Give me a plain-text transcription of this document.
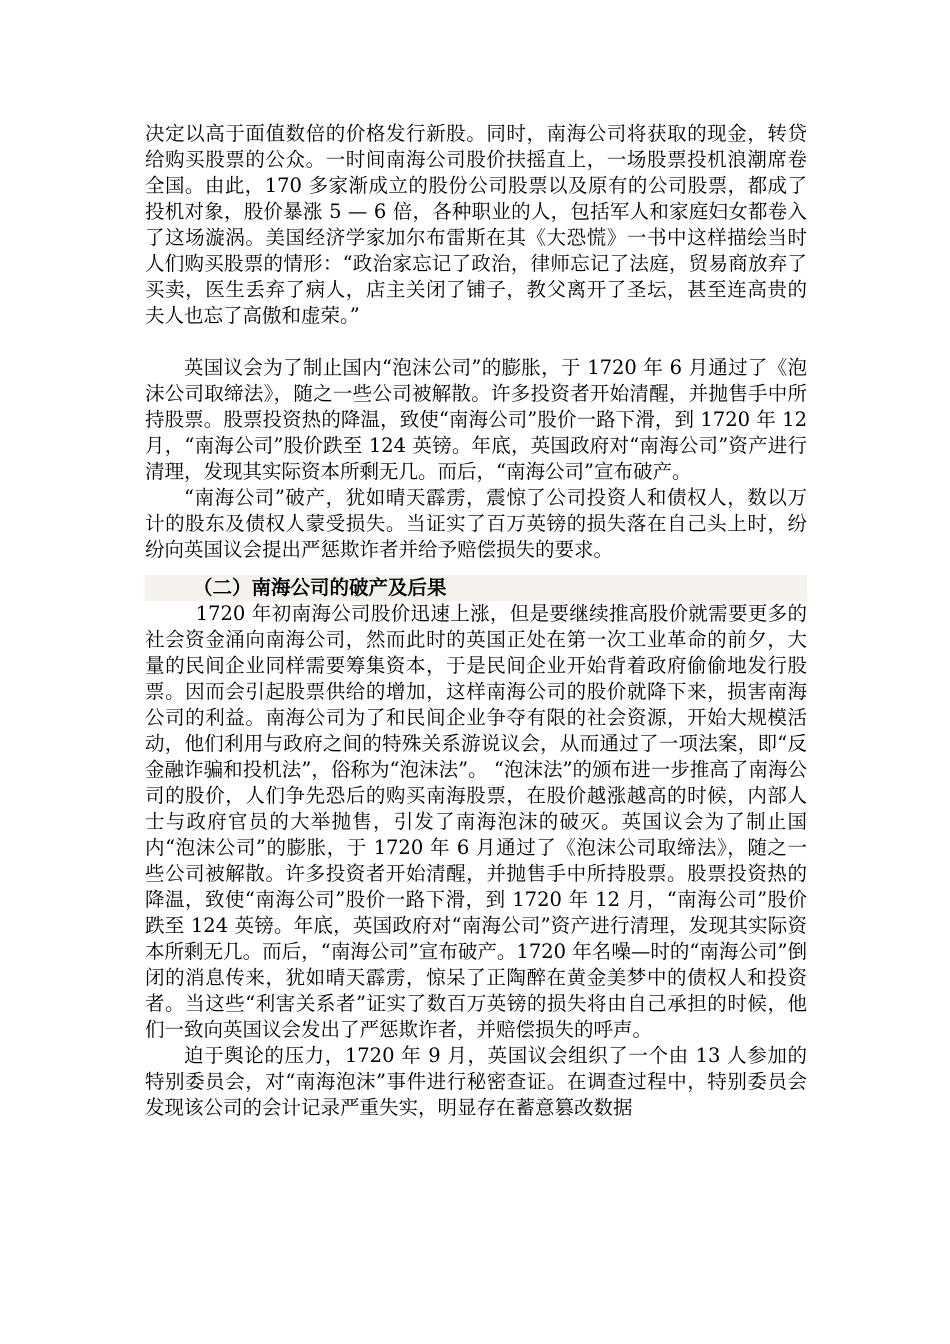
决定以高于面值数倍的价格发行新股。同时，南海公司将获取的现金，转贷给购买股票的公众。一时间南海公司股价扶摇直上，一场股票投机浪潮席卷全国。由此，170 多家渐成立的股份公司股票以及原有的公司股票，都成了投机对象，股价暴涨 5 — 6 倍，各种职业的人，包括军人和家庭妇女都卷入了这场漩涡。美国经济学家加尔布雷斯在其《大恐慌》一书中这样描绘当时人们购买股票的情形：“政治家忘记了政治，律师忘记了法庭，贸易商放弃了买卖，医生丢弃了病人，店主关闭了铺子，教父离开了圣坛，甚至连高贵的夫人也忘了高傲和虚荣。”

英国议会为了制止国内“泡沫公司”的膨胀，于 1720 年 6 月通过了《泡沫公司取缔法》，随之一些公司被解散。许多投资者开始清醒，并抛售手中所持股票。股票投资热的降温，致使“南海公司”股价一路下滑，到 1720 年 12 月，“南海公司”股价跌至 124 英镑。年底，英国政府对“南海公司”资产进行清理，发现其实际资本所剩无几。而后，“南海公司”宣布破产。

“南海公司”破产，犹如晴天霹雳，震惊了公司投资人和债权人，数以万计的股东及债权人蒙受损失。当证实了百万英镑的损失落在自己头上时，纷纷向英国议会提出严惩欺诈者并给予赔偿损失的要求。

（二）南海公司的破产及后果

1720 年初南海公司股价迅速上涨，但是要继续推高股价就需要更多的社会资金涌向南海公司，然而此时的英国正处在第一次工业革命的前夕，大量的民间企业同样需要筹集资本，于是民间企业开始背着政府偷偷地发行股票。因而会引起股票供给的增加，这样南海公司的股价就降下来，损害南海公司的利益。南海公司为了和民间企业争夺有限的社会资源，开始大规模活动，他们利用与政府之间的特殊关系游说议会，从而通过了一项法案，即“反金融诈骗和投机法”，俗称为“泡沫法”。 “泡沫法”的颁布进一步推高了南海公司的股价，人们争先恐后的购买南海股票，在股价越涨越高的时候，内部人士与政府官员的大举抛售，引发了南海泡沫的破灭。英国议会为了制止国内“泡沫公司”的膨胀，于 1720 年 6 月通过了《泡沫公司取缔法》，随之一些公司被解散。许多投资者开始清醒，并抛售手中所持股票。股票投资热的降温，致使“南海公司”股价一路下滑，到 1720 年 12 月，“南海公司”股价跌至 124 英镑。年底，英国政府对“南海公司”资产进行清理，发现其实际资本所剩无几。而后，“南海公司”宣布破产。1720 年名噪—时的“南海公司”倒闭的消息传来，犹如晴天霹雳，惊呆了正陶醉在黄金美梦中的债权人和投资者。当这些“利害关系者”证实了数百万英镑的损失将由自己承担的时候，他们一致向英国议会发出了严惩欺诈者，并赔偿损失的呼声。

迫于舆论的压力，1720 年 9 月，英国议会组织了一个由 13 人参加的特别委员会，对“南海泡沫”事件进行秘密查证。在调查过程中，特别委员会发现该公司的会计记录严重失实，明显存在蓄意篡改数据
